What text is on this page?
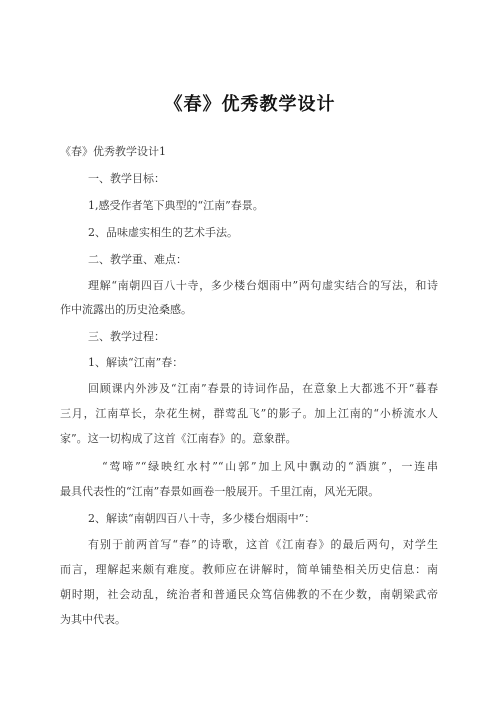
《春》优秀教学设计
《春》优秀教学设计1
一、教学目标：
1,感受作者笔下典型的“江南”春景。
2、品味虚实相生的艺术手法。
二、教学重、难点：
理解“南朝四百八十寺，多少楼台烟雨中”两句虚实结合的写法，和诗
作中流露出的历史沧桑感。
三、教学过程：
1、解读“江南”春：
回顾课内外涉及“江南”春景的诗词作品，在意象上大都逃不开“暮春
三月，江南草长，杂花生树，群莺乱飞”的影子。加上江南的“小桥流水人
家”。这一切构成了这首《江南春》的。意象群。
“莺啼”“绿映红水村”“山郭”加上风中飘动的“酒旗”，一连串
最具代表性的“江南”春景如画卷一般展开。千里江南，风光无限。
2、解读“南朝四百八十寺，多少楼台烟雨中”：
有别于前两首写“春”的诗歌，这首《江南春》的最后两句，对学生
而言，理解起来颇有难度。教师应在讲解时，简单铺垫相关历史信息：南
朝时期，社会动乱，统治者和普通民众笃信佛教的不在少数，南朝梁武帝
为其中代表。
